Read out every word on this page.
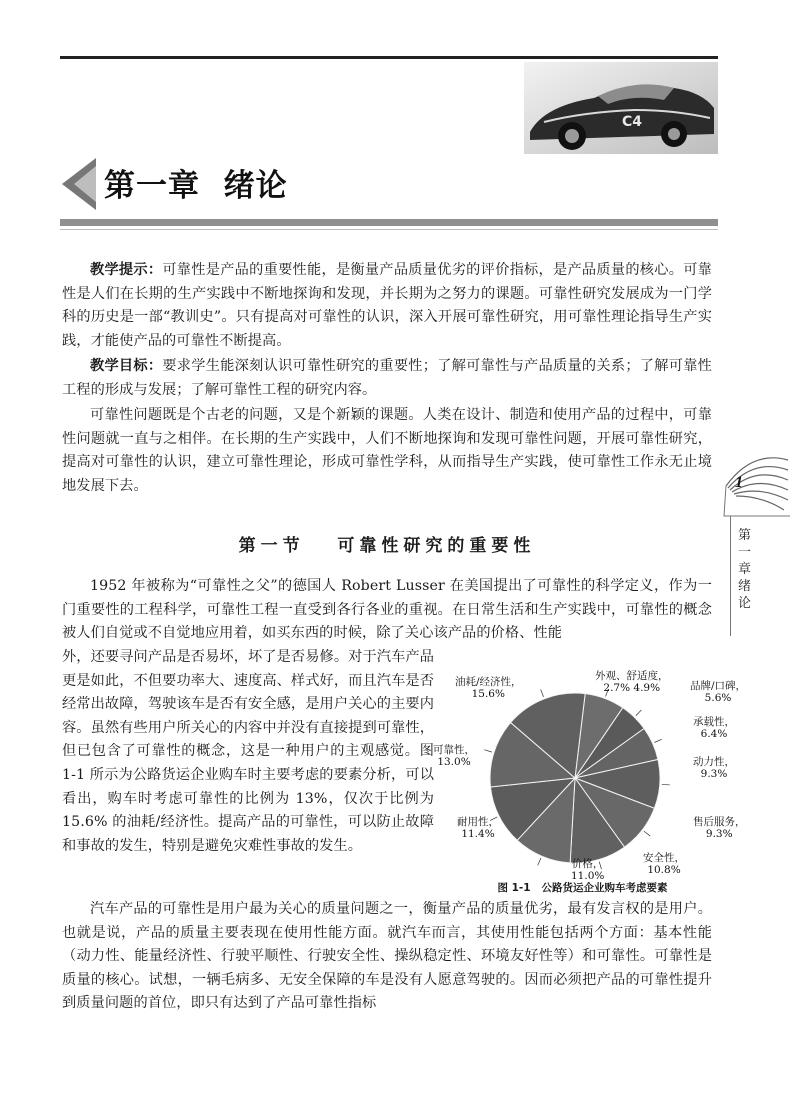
C4
第一章  绪论

教学提示：可靠性是产品的重要性能，是衡量产品质量优劣的评价指标，是产品质量的核心。可靠性是人们在长期的生产实践中不断地探询和发现，并长期为之努力的课题。可靠性研究发展成为一门学科的历史是一部“教训史”。只有提高对可靠性的认识，深入开展可靠性研究，用可靠性理论指导生产实践，才能使产品的可靠性不断提高。

教学目标：要求学生能深刻认识可靠性研究的重要性；了解可靠性与产品质量的关系；了解可靠性工程的形成与发展；了解可靠性工程的研究内容。

可靠性问题既是个古老的问题，又是个新颖的课题。人类在设计、制造和使用产品的过程中，可靠性问题就一直与之相伴。在长期的生产实践中，人们不断地探询和发现可靠性问题，开展可靠性研究，提高对可靠性的认识，建立可靠性理论，形成可靠性学科，从而指导生产实践，使可靠性工作永无止境地发展下去。

第一节   可靠性研究的重要性

1952 年被称为“可靠性之父”的德国人 Robert Lusser 在美国提出了可靠性的科学定义，作为一门重要性的工程科学，可靠性工程一直受到各行各业的重视。在日常生活和生产实践中，可靠性的概念被人们自觉或不自觉地应用着，如买东西的时候，除了关心该产品的价格、性能

外，还要寻问产品是否易坏，坏了是否易修。对于汽车产品更是如此，不但要功率大、速度高、样式好，而且汽车是否经常出故障，驾驶该车是否有安全感，是用户关心的主要内容。虽然有些用户所关心的内容中并没有直接提到可靠性，但已包含了可靠性的概念，这是一种用户的主观感觉。图 1-1 所示为公路货运企业购车时主要考虑的要素分析，可以看出，购车时考虑可靠性的比例为 13%，仅次于比例为 15.6% 的油耗/经济性。提高产品的可靠性，可以防止故障和事故的发生，特别是避免灾难性事故的发生。

汽车产品的可靠性是用户最为关心的质量问题之一，衡量产品的质量优劣，最有发言权的是用户。也就是说，产品的质量主要表现在使用性能方面。就汽车而言，其使用性能包括两个方面：基本性能（动力性、能量经济性、行驶平顺性、行驶安全性、操纵稳定性、环境友好性等）和可靠性。可靠性是质量的核心。试想，一辆毛病多、无安全保障的车是没有人愿意驾驶的。因而必须把产品的可靠性提升到质量问题的首位，即只有达到了产品可靠性指标

外观、舒适度，
2.7% 4.9%	品牌/口碑，
5.6%
承载性，
6.4%
动力性，
9.3%
售后服务，
9.3%
安全性，
10.8%
价格，
11.0%
耐用性，
11.4%
可靠性，
13.0%
油耗/经济性，
15.6%
图 1-1   公路货运企业购车考虑要素
1
第一章 绪论
